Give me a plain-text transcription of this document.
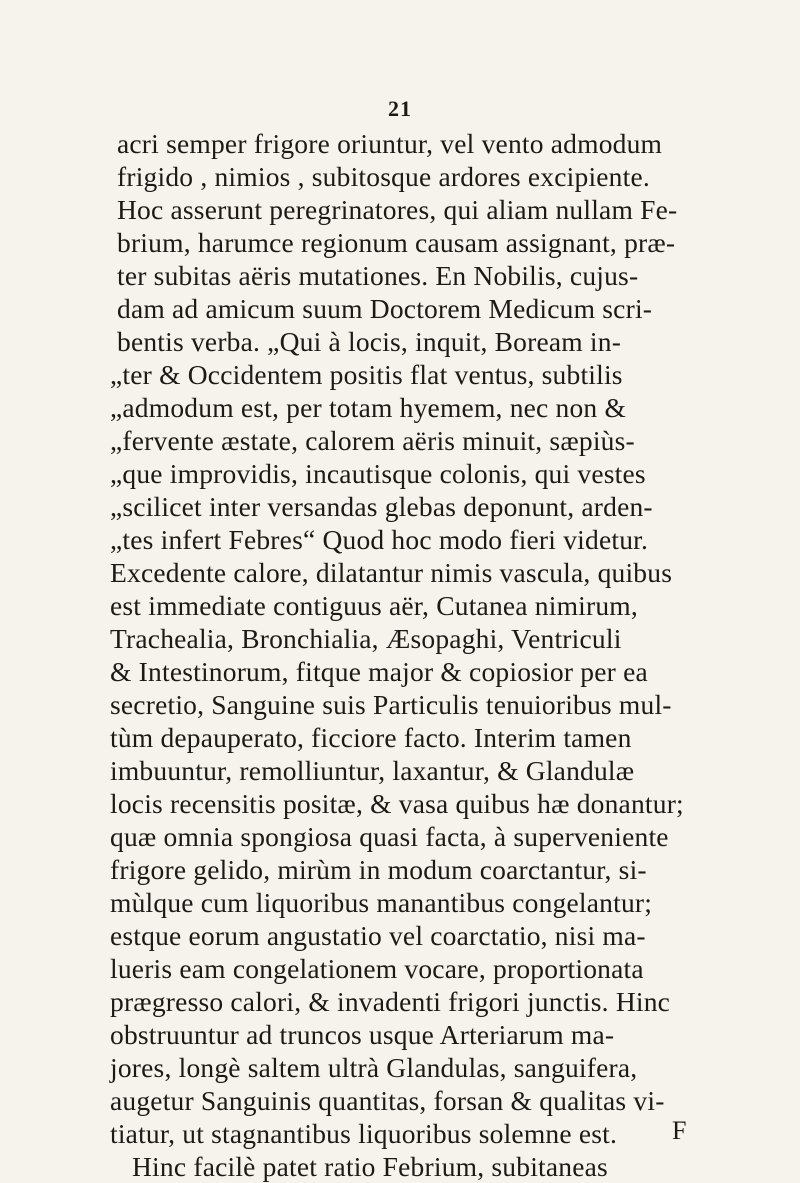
21
acri semper frigore oriuntur, vel vento admodum
frigido , nimios , subitosque ardores excipiente.
Hoc asserunt peregrinatores, qui aliam nullam Fe-
brium, harumce regionum causam assignant, præ-
ter subitas aëris mutationes. En Nobilis, cujus-
dam ad amicum suum Doctorem Medicum scri-
bentis verba. „Qui à locis, inquit, Boream in-
„ter & Occidentem positis flat ventus, subtilis
„admodum est, per totam hyemem, nec non &
„fervente æstate, calorem aëris minuit, sæpiùs-
„que improvidis, incautisque colonis, qui vestes
„scilicet inter versandas glebas deponunt, arden-
„tes infert Febres“ Quod hoc modo fieri videtur.
Excedente calore, dilatantur nimis vascula, quibus
est immediate contiguus aër, Cutanea nimirum,
Trachealia, Bronchialia, Æsopaghi, Ventriculi
& Intestinorum, fitque major & copiosior per ea
secretio, Sanguine suis Particulis tenuioribus mul-
tùm depauperato, ficciore facto. Interim tamen
imbuuntur, remolliuntur, laxantur, & Glandulæ
locis recensitis positæ, & vasa quibus hæ donantur;
quæ omnia spongiosa quasi facta, à superveniente
frigore gelido, mirùm in modum coarctantur, si-
mùlque cum liquoribus manantibus congelantur;
estque eorum angustatio vel coarctatio, nisi ma-
lueris eam congelationem vocare, proportionata
prægresso calori, & invadenti frigori junctis. Hinc
obstruuntur ad truncos usque Arteriarum ma-
jores, longè saltem ultrà Glandulas, sanguifera,
augetur Sanguinis quantitas, forsan & qualitas vi-
tiatur, ut stagnantibus liquoribus solemne est.
Hinc facilè patet ratio Febrium, subitaneas
F
